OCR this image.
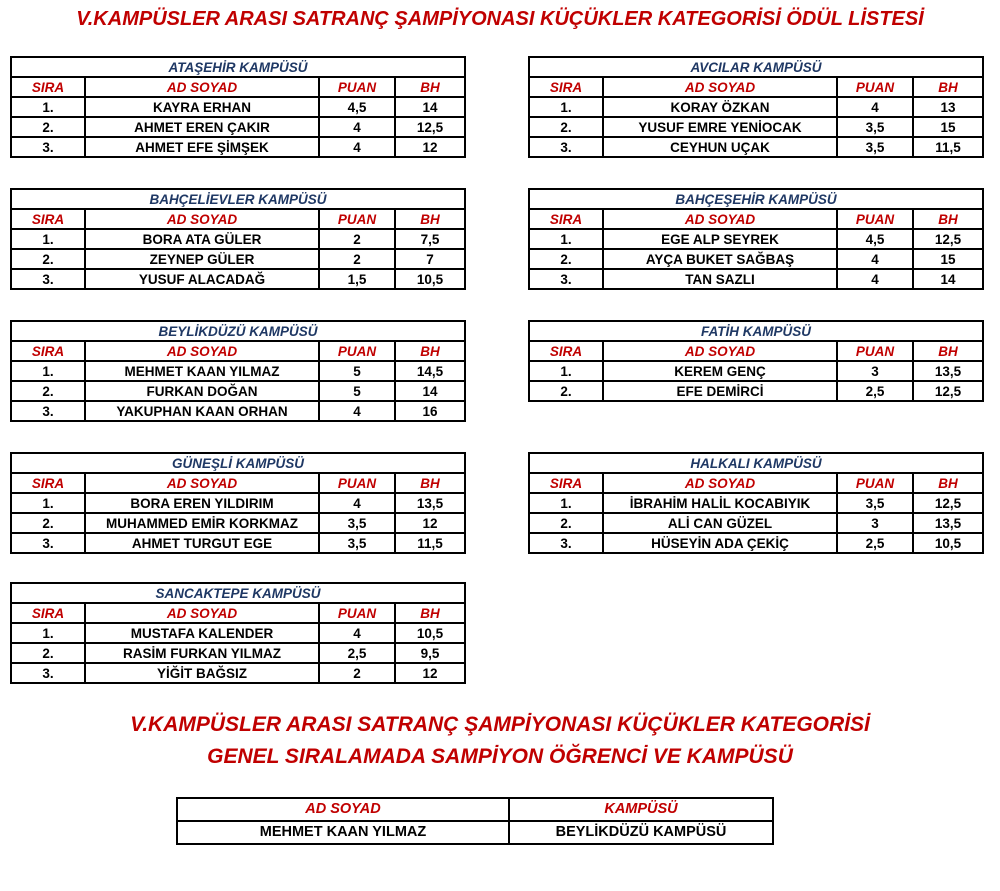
V.KAMPÜSLER ARASI SATRANÇ ŞAMPİYONASI KÜÇÜKLER KATEGORİSİ ÖDÜL LİSTESİ
ATAŞEHİR KAMPÜSÜ			
SIRA	AD SOYAD	PUAN	BH
1.	KAYRA ERHAN	4,5	14
2.	AHMET EREN ÇAKIR	4	12,5
3.	AHMET EFE ŞİMŞEK	4	12
AVCILAR KAMPÜSÜ			
SIRA	AD SOYAD	PUAN	BH
1.	KORAY ÖZKAN	4	13
2.	YUSUF EMRE YENİOCAK	3,5	15
3.	CEYHUN UÇAK	3,5	11,5
BAHÇELİEVLER KAMPÜSÜ			
SIRA	AD SOYAD	PUAN	BH
1.	BORA ATA GÜLER	2	7,5
2.	ZEYNEP GÜLER	2	7
3.	YUSUF ALACADAĞ	1,5	10,5
BAHÇEŞEHİR KAMPÜSÜ			
SIRA	AD SOYAD	PUAN	BH
1.	EGE ALP SEYREK	4,5	12,5
2.	AYÇA BUKET SAĞBAŞ	4	15
3.	TAN SAZLI	4	14
BEYLİKDÜZÜ KAMPÜSÜ			
SIRA	AD SOYAD	PUAN	BH
1.	MEHMET KAAN YILMAZ	5	14,5
2.	FURKAN DOĞAN	5	14
3.	YAKUPHAN KAAN ORHAN	4	16
FATİH KAMPÜSÜ			
SIRA	AD SOYAD	PUAN	BH
1.	KEREM GENÇ	3	13,5
2.	EFE DEMİRCİ	2,5	12,5
GÜNEŞLİ KAMPÜSÜ			
SIRA	AD SOYAD	PUAN	BH
1.	BORA EREN YILDIRIM	4	13,5
2.	MUHAMMED EMİR KORKMAZ	3,5	12
3.	AHMET TURGUT EGE	3,5	11,5
HALKALI KAMPÜSÜ			
SIRA	AD SOYAD	PUAN	BH
1.	İBRAHİM HALİL KOCABIYIK	3,5	12,5
2.	ALİ CAN GÜZEL	3	13,5
3.	HÜSEYİN ADA ÇEKİÇ	2,5	10,5
SANCAKTEPE KAMPÜSÜ			
SIRA	AD SOYAD	PUAN	BH
1.	MUSTAFA KALENDER	4	10,5
2.	RASİM FURKAN YILMAZ	2,5	9,5
3.	YİĞİT BAĞSIZ	2	12
V.KAMPÜSLER ARASI SATRANÇ ŞAMPİYONASI KÜÇÜKLER KATEGORİSİ
GENEL SIRALAMADA SAMPİYON ÖĞRENCİ VE KAMPÜSÜ
AD SOYAD	KAMPÜSÜ
MEHMET KAAN YILMAZ	BEYLİKDÜZÜ KAMPÜSÜ
